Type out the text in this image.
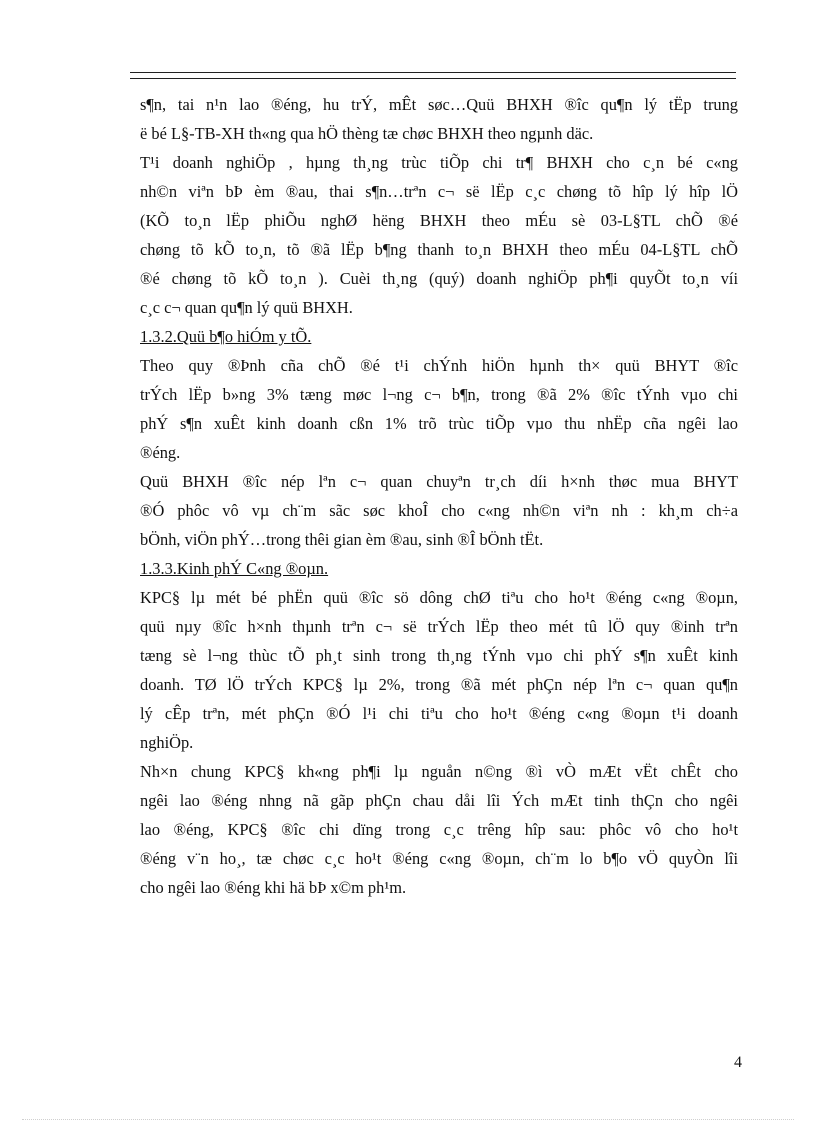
s¶n, tai n¹n lao ®éng, hu trÝ, mÊt søc…Quü BHXH ®îc qu¶n lý tËp trung
ë bé L§-TB-XH th«ng qua hÖ thèng tæ chøc BHXH theo ngµnh däc.
T¹i doanh nghiÖp , hµng th¸ng trùc tiÕp chi tr¶ BHXH cho c¸n bé c«ng
nh©n viªn bÞ èm ®au, thai s¶n…trªn c¬ së lËp c¸c chøng tõ hîp lý hîp lÖ
(KÕ to¸n lËp phiÕu nghØ hëng BHXH theo mÉu sè 03-L§TL chÕ ®é
chøng tõ kÕ to¸n, tõ ®ã lËp b¶ng thanh to¸n BHXH theo mÉu 04-L§TL chÕ
®é chøng tõ kÕ to¸n ). Cuèi th¸ng (quý) doanh nghiÖp ph¶i quyÕt to¸n víi
c¸c c¬ quan qu¶n lý quü BHXH.
1.3.2.Quü b¶o hiÓm y tÕ.
Theo quy ®Þnh cña chÕ ®é t¹i chÝnh hiÖn hµnh th× quü BHYT ®îc
trÝch lËp b»ng 3% tæng møc l¬ng c¬ b¶n, trong ®ã 2% ®îc tÝnh vµo chi
phÝ s¶n xuÊt kinh doanh cßn 1% trõ trùc tiÕp vµo thu nhËp cña ngêi lao
®éng.
Quü BHXH ®îc nép lªn c¬ quan chuyªn tr¸ch díi h×nh thøc mua BHYT
®Ó phôc vô vµ ch¨m sãc søc khoÎ cho c«ng nh©n viªn nh : kh¸m ch÷a
bÖnh, viÖn phÝ…trong thêi gian èm ®au, sinh ®Î bÖnh tËt.
1.3.3.Kinh phÝ C«ng ®oµn.
KPC§ lµ mét bé phËn quü ®îc sö dông chØ tiªu cho ho¹t ®éng c«ng ®oµn,
quü nµy ®îc h×nh thµnh trªn c¬ së trÝch lËp theo mét tû lÖ quy ®inh trªn
tæng sè l¬ng thùc tÕ ph¸t sinh trong th¸ng tÝnh vµo chi phÝ s¶n xuÊt kinh
doanh. TØ lÖ trÝch KPC§ lµ 2%, trong ®ã mét phÇn nép lªn c¬ quan qu¶n
lý cÊp trªn, mét phÇn ®Ó l¹i chi tiªu cho ho¹t ®éng c«ng ®oµn t¹i doanh
nghiÖp.
Nh×n chung KPC§ kh«ng ph¶i lµ nguån n©ng ®ì vÒ mÆt vËt chÊt cho
ngêi lao ®éng nhng nã gãp phÇn chau dåi lîi Ých mÆt tinh thÇn cho ngêi
lao ®éng, KPC§ ®îc chi dïng trong c¸c trêng hîp sau: phôc vô cho ho¹t
®éng v¨n ho¸, tæ chøc c¸c ho¹t ®éng c«ng ®oµn, ch¨m lo b¶o vÖ quyÒn lîi
cho ngêi lao ®éng khi hä bÞ x©m ph¹m.
4
